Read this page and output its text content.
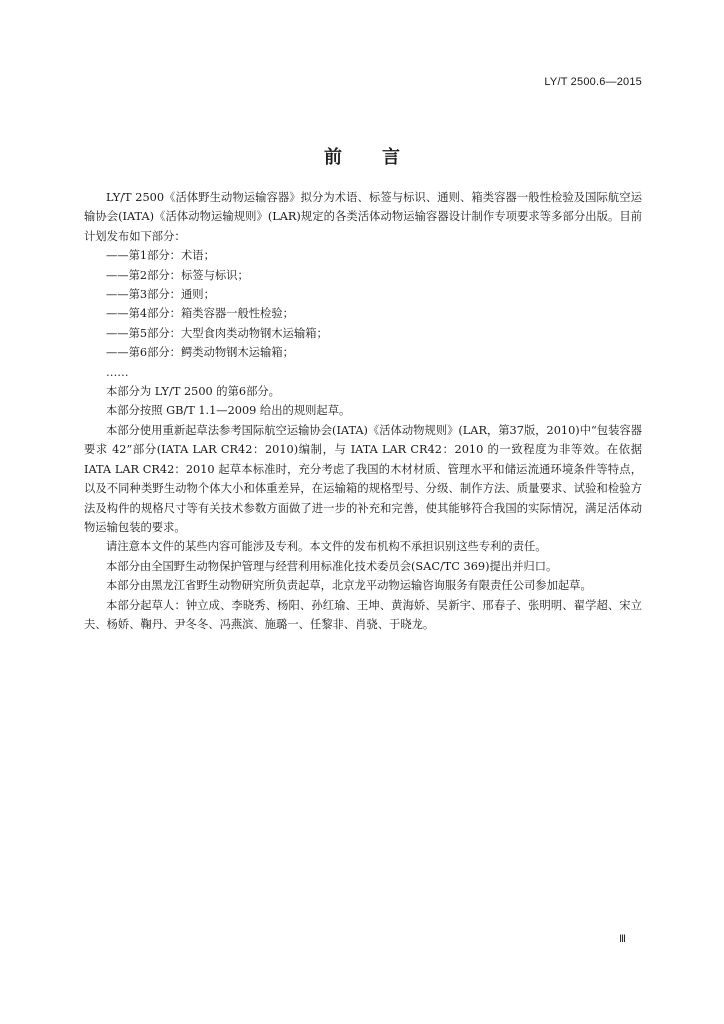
LY/T 2500.6—2015
前言

LY/T 2500《活体野生动物运输容器》拟分为术语、标签与标识、通则、箱类容器一般性检验及国际航空运输协会(IATA)《活体动物运输规则》(LAR)规定的各类活体动物运输容器设计制作专项要求等多部分出版。目前计划发布如下部分：

——第1部分：术语；
——第2部分：标签与标识；
——第3部分：通则；
——第4部分：箱类容器一般性检验；
——第5部分：大型食肉类动物钢木运输箱；
——第6部分：鳄类动物钢木运输箱；
……

本部分为 LY/T 2500 的第6部分。

本部分按照 GB/T 1.1—2009 给出的规则起草。

本部分使用重新起草法参考国际航空运输协会(IATA)《活体动物规则》(LAR，第37版，2010)中“包装容器要求 42”部分(IATA LAR CR42：2010)编制，与 IATA LAR CR42：2010 的一致程度为非等效。在依据 IATA LAR CR42：2010 起草本标准时，充分考虑了我国的木材材质、管理水平和储运流通环境条件等特点，以及不同种类野生动物个体大小和体重差异，在运输箱的规格型号、分级、制作方法、质量要求、试验和检验方法及构件的规格尺寸等有关技术参数方面做了进一步的补充和完善，使其能够符合我国的实际情况，满足活体动物运输包装的要求。

请注意本文件的某些内容可能涉及专利。本文件的发布机构不承担识别这些专利的责任。

本部分由全国野生动物保护管理与经营利用标准化技术委员会(SAC/TC 369)提出并归口。

本部分由黑龙江省野生动物研究所负责起草，北京龙平动物运输咨询服务有限责任公司参加起草。

本部分起草人：钟立成、李晓秀、杨阳、孙红瑜、王坤、黄海娇、吴新宇、邢春子、张明明、翟学超、宋立夫、杨娇、鞠丹、尹冬冬、冯燕滨、施璐一、任黎非、肖骁、于晓龙。

Ⅲ
